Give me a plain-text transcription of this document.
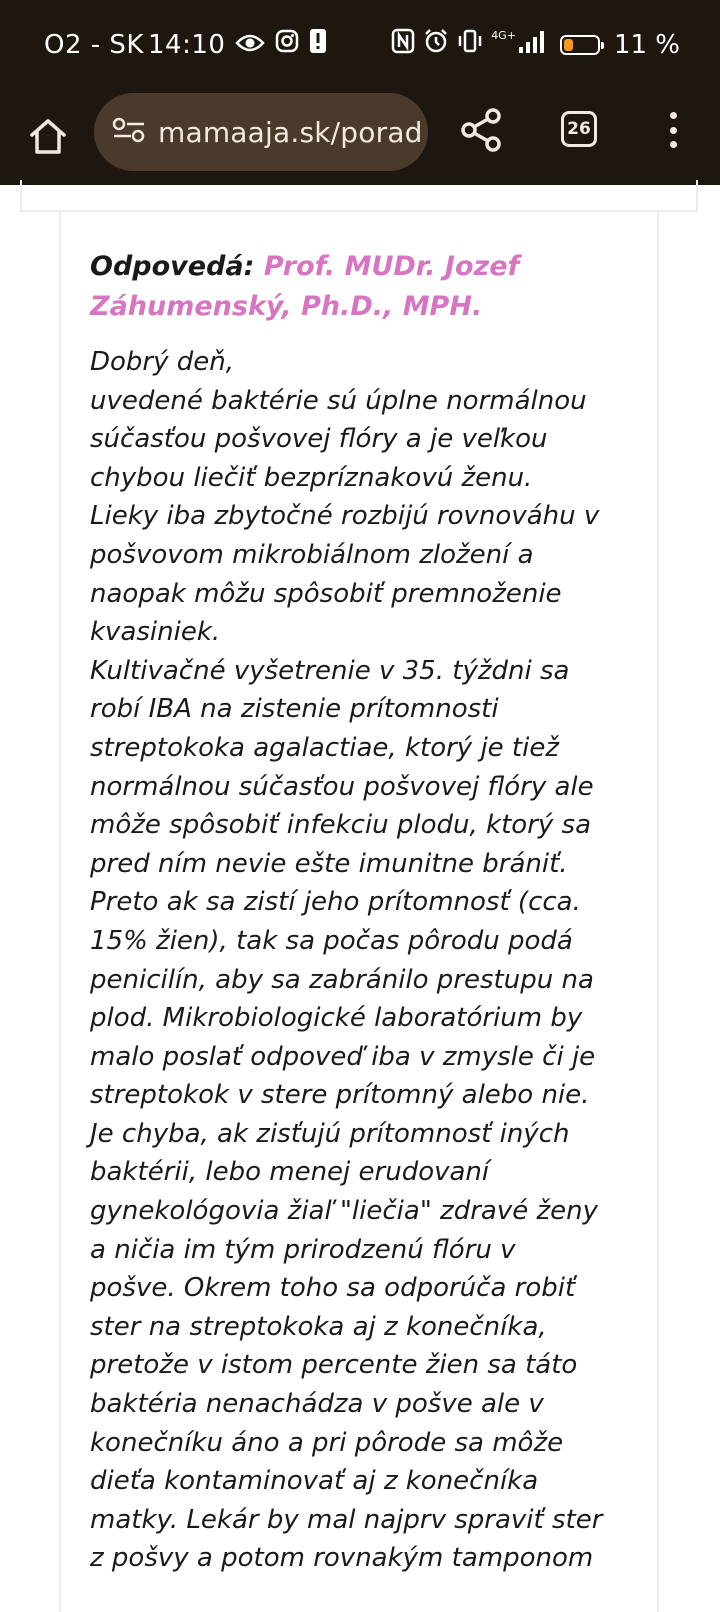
O2 - SK 14:10	4G+	11 %
mamaaja.sk/porad	26
Odpovedá: Prof. MUDr. Jozef
Záhumenský, Ph.D., MPH.
Dobrý deň,
uvedené baktérie sú úplne normálnou
súčasťou pošvovej flóry a je veľkou
chybou liečiť bezpríznakovú ženu.
Lieky iba zbytočné rozbijú rovnováhu v
pošvovom mikrobiálnom zložení a
naopak môžu spôsobiť premnoženie
kvasiniek.
Kultivačné vyšetrenie v 35. týždni sa
robí IBA na zistenie prítomnosti
streptokoka agalactiae, ktorý je tiež
normálnou súčasťou pošvovej flóry ale
môže spôsobiť infekciu plodu, ktorý sa
pred ním nevie ešte imunitne brániť.
Preto ak sa zistí jeho prítomnosť (cca.
15% žien), tak sa počas pôrodu podá
penicilín, aby sa zabránilo prestupu na
plod. Mikrobiologické laboratórium by
malo poslať odpoveď iba v zmysle či je
streptokok v stere prítomný alebo nie.
Je chyba, ak zisťujú prítomnosť iných
baktérii, lebo menej erudovaní
gynekológovia žiaľ "liečia" zdravé ženy
a ničia im tým prirodzenú flóru v
pošve. Okrem toho sa odporúča robiť
ster na streptokoka aj z konečníka,
pretože v istom percente žien sa táto
baktéria nenachádza v pošve ale v
konečníku áno a pri pôrode sa môže
dieťa kontaminovať aj z konečníka
matky. Lekár by mal najprv spraviť ster
z pošvy a potom rovnakým tamponom
